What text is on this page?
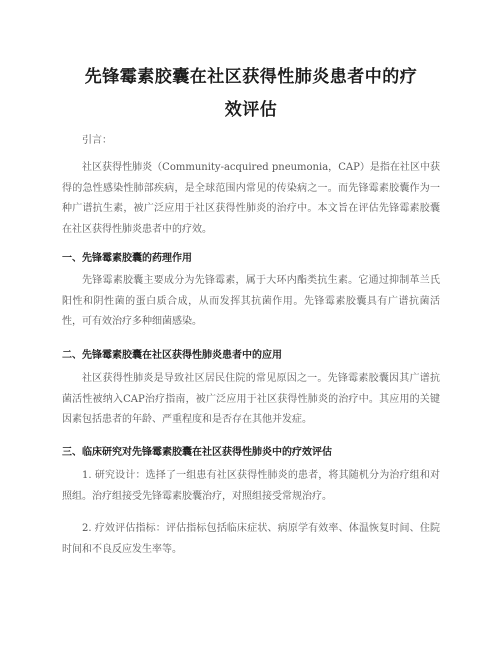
先锋霉素胶囊在社区获得性肺炎患者中的疗
效评估

引言：

社区获得性肺炎（Community-acquired pneumonia，CAP）是指在社区中获得的急性感染性肺部疾病，是全球范围内常见的传染病之一。而先锋霉素胶囊作为一种广谱抗生素，被广泛应用于社区获得性肺炎的治疗中。本文旨在评估先锋霉素胶囊在社区获得性肺炎患者中的疗效。

一、先锋霉素胶囊的药理作用

先锋霉素胶囊主要成分为先锋霉素，属于大环内酯类抗生素。它通过抑制革兰氏阳性和阴性菌的蛋白质合成，从而发挥其抗菌作用。先锋霉素胶囊具有广谱抗菌活性，可有效治疗多种细菌感染。

二、先锋霉素胶囊在社区获得性肺炎患者中的应用

社区获得性肺炎是导致社区居民住院的常见原因之一。先锋霉素胶囊因其广谱抗菌活性被纳入CAP治疗指南，被广泛应用于社区获得性肺炎的治疗中。其应用的关键因素包括患者的年龄、严重程度和是否存在其他并发症。

三、临床研究对先锋霉素胶囊在社区获得性肺炎中的疗效评估

1. 研究设计：选择了一组患有社区获得性肺炎的患者，将其随机分为治疗组和对照组。治疗组接受先锋霉素胶囊治疗，对照组接受常规治疗。

2. 疗效评估指标：评估指标包括临床症状、病原学有效率、体温恢复时间、住院时间和不良反应发生率等。
